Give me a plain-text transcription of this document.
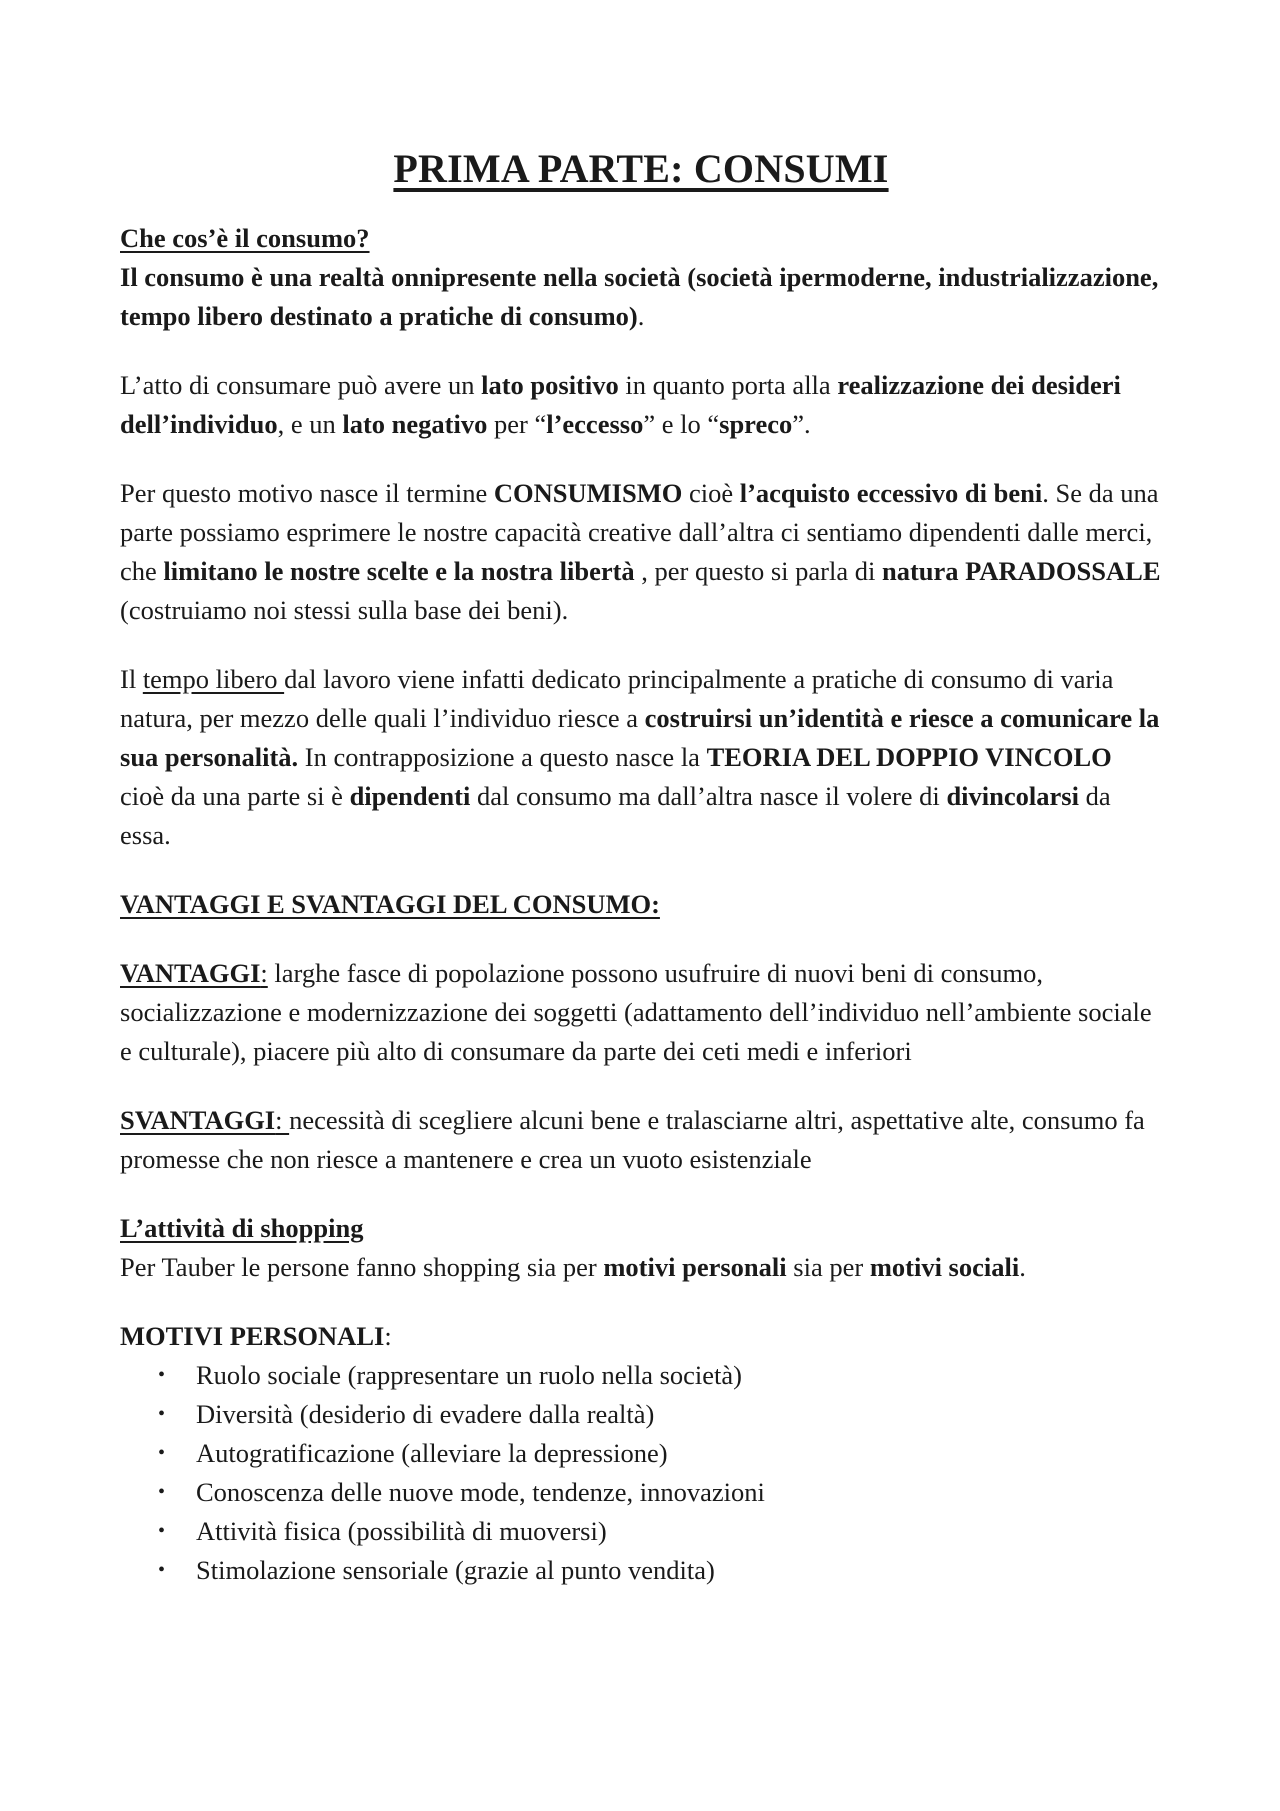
PRIMA PARTE: CONSUMI

Che cos’è il consumo?
Il consumo è una realtà onnipresente nella società (società ipermoderne, industrializzazione, tempo libero destinato a pratiche di consumo).

L’atto di consumare può avere un lato positivo in quanto porta alla realizzazione dei desideri dell’individuo, e un lato negativo per “l’eccesso” e lo “spreco”.

Per questo motivo nasce il termine CONSUMISMO cioè l’acquisto eccessivo di beni. Se da una parte possiamo esprimere le nostre capacità creative dall’altra ci sentiamo dipendenti dalle merci, che limitano le nostre scelte e la nostra libertà , per questo si parla di natura PARADOSSALE (costruiamo noi stessi sulla base dei beni).

Il tempo libero dal lavoro viene infatti dedicato principalmente a pratiche di consumo di varia natura, per mezzo delle quali l’individuo riesce a costruirsi un’identità e riesce a comunicare la sua personalità. In contrapposizione a questo nasce la TEORIA DEL DOPPIO VINCOLO cioè da una parte si è dipendenti dal consumo ma dall’altra nasce il volere di divincolarsi da essa.

VANTAGGI E SVANTAGGI DEL CONSUMO:

VANTAGGI: larghe fasce di popolazione possono usufruire di nuovi beni di consumo, socializzazione e modernizzazione dei soggetti (adattamento dell’individuo nell’ambiente sociale e culturale), piacere più alto di consumare da parte dei ceti medi e inferiori

SVANTAGGI: necessità di scegliere alcuni bene e tralasciarne altri, aspettative alte, consumo fa promesse che non riesce a mantenere e crea un vuoto esistenziale

L’attività di shopping
Per Tauber le persone fanno shopping sia per motivi personali sia per motivi sociali.

MOTIVI PERSONALI:

• Ruolo sociale (rappresentare un ruolo nella società)
• Diversità (desiderio di evadere dalla realtà)
• Autogratificazione (alleviare la depressione)
• Conoscenza delle nuove mode, tendenze, innovazioni
• Attività fisica (possibilità di muoversi)
• Stimolazione sensoriale (grazie al punto vendita)
